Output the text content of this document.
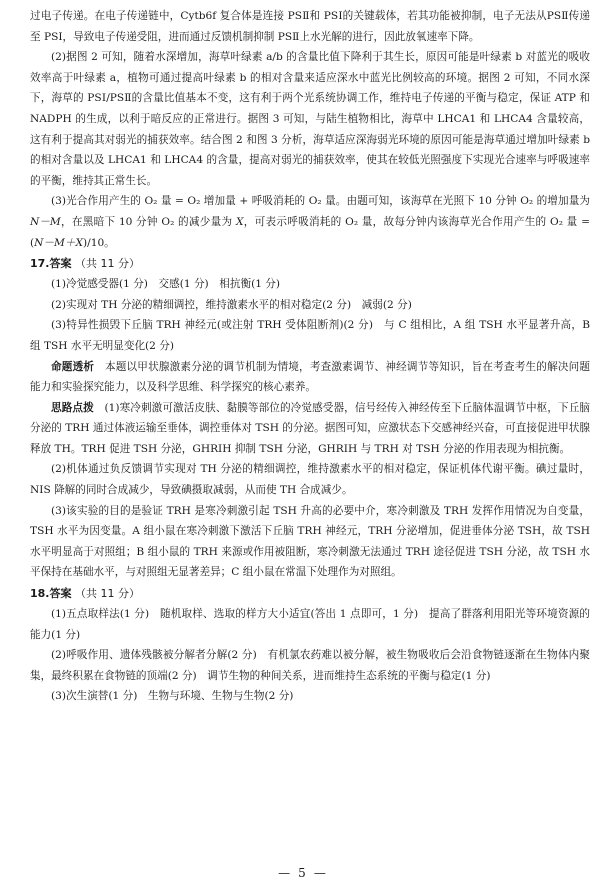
过电子传递。在电子传递链中，Cytb6f 复合体是连接 PSⅡ和 PSⅠ的关键载体，若其功能被抑制，电子无法从PSⅡ传递至 PSⅠ，导致电子传递受阻，进而通过反馈机制抑制 PSⅡ上水光解的进行，因此放氧速率下降。

(2)据图 2 可知，随着水深增加，海草叶绿素 a/b 的含量比值下降利于其生长，原因可能是叶绿素 b 对蓝光的吸收效率高于叶绿素 a，植物可通过提高叶绿素 b 的相对含量来适应深水中蓝光比例较高的环境。据图 2 可知，不同水深下，海草的 PSⅠ/PSⅡ的含量比值基本不变，这有利于两个光系统协调工作，维持电子传递的平衡与稳定，保证 ATP 和 NADPH 的生成，以利于暗反应的正常进行。据图 3 可知，与陆生植物相比，海草中 LHCA1 和 LHCA4 含量较高，这有利于提高其对弱光的捕获效率。结合图 2 和图 3 分析，海草适应深海弱光环境的原因可能是海草通过增加叶绿素 b 的相对含量以及 LHCA1 和 LHCA4 的含量，提高对弱光的捕获效率，使其在较低光照强度下实现光合速率与呼吸速率的平衡，维持其正常生长。

(3)光合作用产生的 O₂ 量 = O₂ 增加量 + 呼吸消耗的 O₂ 量。由题可知，该海草在光照下 10 分钟 O₂ 的增加量为 N－M，在黑暗下 10 分钟 O₂ 的减少量为 X，可表示呼吸消耗的 O₂ 量，故每分钟内该海草光合作用产生的 O₂ 量 = (N－M＋X)/10。

17.答案 （共 11 分）

(1)冷觉感受器(1 分)　交感(1 分)　相抗衡(1 分)

(2)实现对 TH 分泌的精细调控，维持激素水平的相对稳定(2 分)　减弱(2 分)

(3)特异性损毁下丘脑 TRH 神经元(或注射 TRH 受体阻断剂)(2 分)　与 C 组相比，A 组 TSH 水平显著升高，B 组 TSH 水平无明显变化(2 分)

命题透析　 本题以甲状腺激素分泌的调节机制为情境，考查激素调节、神经调节等知识，旨在考查考生的解决问题能力和实验探究能力，以及科学思维、科学探究的核心素养。

思路点拨　 (1)寒冷刺激可激活皮肤、黏膜等部位的冷觉感受器，信号经传入神经传至下丘脑体温调节中枢，下丘脑分泌的 TRH 通过体液运输至垂体，调控垂体对 TSH 的分泌。据图可知，应激状态下交感神经兴奋，可直接促进甲状腺释放 TH。TRH 促进 TSH 分泌，GHRIH 抑制 TSH 分泌，GHRIH 与 TRH 对 TSH 分泌的作用表现为相抗衡。

(2)机体通过负反馈调节实现对 TH 分泌的精细调控，维持激素水平的相对稳定，保证机体代谢平衡。碘过量时，NIS 降解的同时合成减少，导致碘摄取减弱，从而使 TH 合成减少。

(3)该实验的目的是验证 TRH 是寒冷刺激引起 TSH 升高的必要中介，寒冷刺激及 TRH 发挥作用情况为自变量，TSH 水平为因变量。A 组小鼠在寒冷刺激下激活下丘脑 TRH 神经元，TRH 分泌增加，促进垂体分泌 TSH，故 TSH 水平明显高于对照组；B 组小鼠的 TRH 来源或作用被阻断，寒冷刺激无法通过 TRH 途径促进 TSH 分泌，故 TSH 水平保持在基础水平，与对照组无显著差异；C 组小鼠在常温下处理作为对照组。

18.答案 （共 11 分）

(1)五点取样法(1 分)　随机取样、选取的样方大小适宜(答出 1 点即可，1 分)　提高了群落利用阳光等环境资源的能力(1 分)

(2)呼吸作用、遗体残骸被分解者分解(2 分)　有机氯农药难以被分解，被生物吸收后会沿食物链逐渐在生物体内聚集，最终积累在食物链的顶端(2 分)　调节生物的种间关系，进而维持生态系统的平衡与稳定(1 分)

(3)次生演替(1 分)　生物与环境、生物与生物(2 分)

— 5 —
